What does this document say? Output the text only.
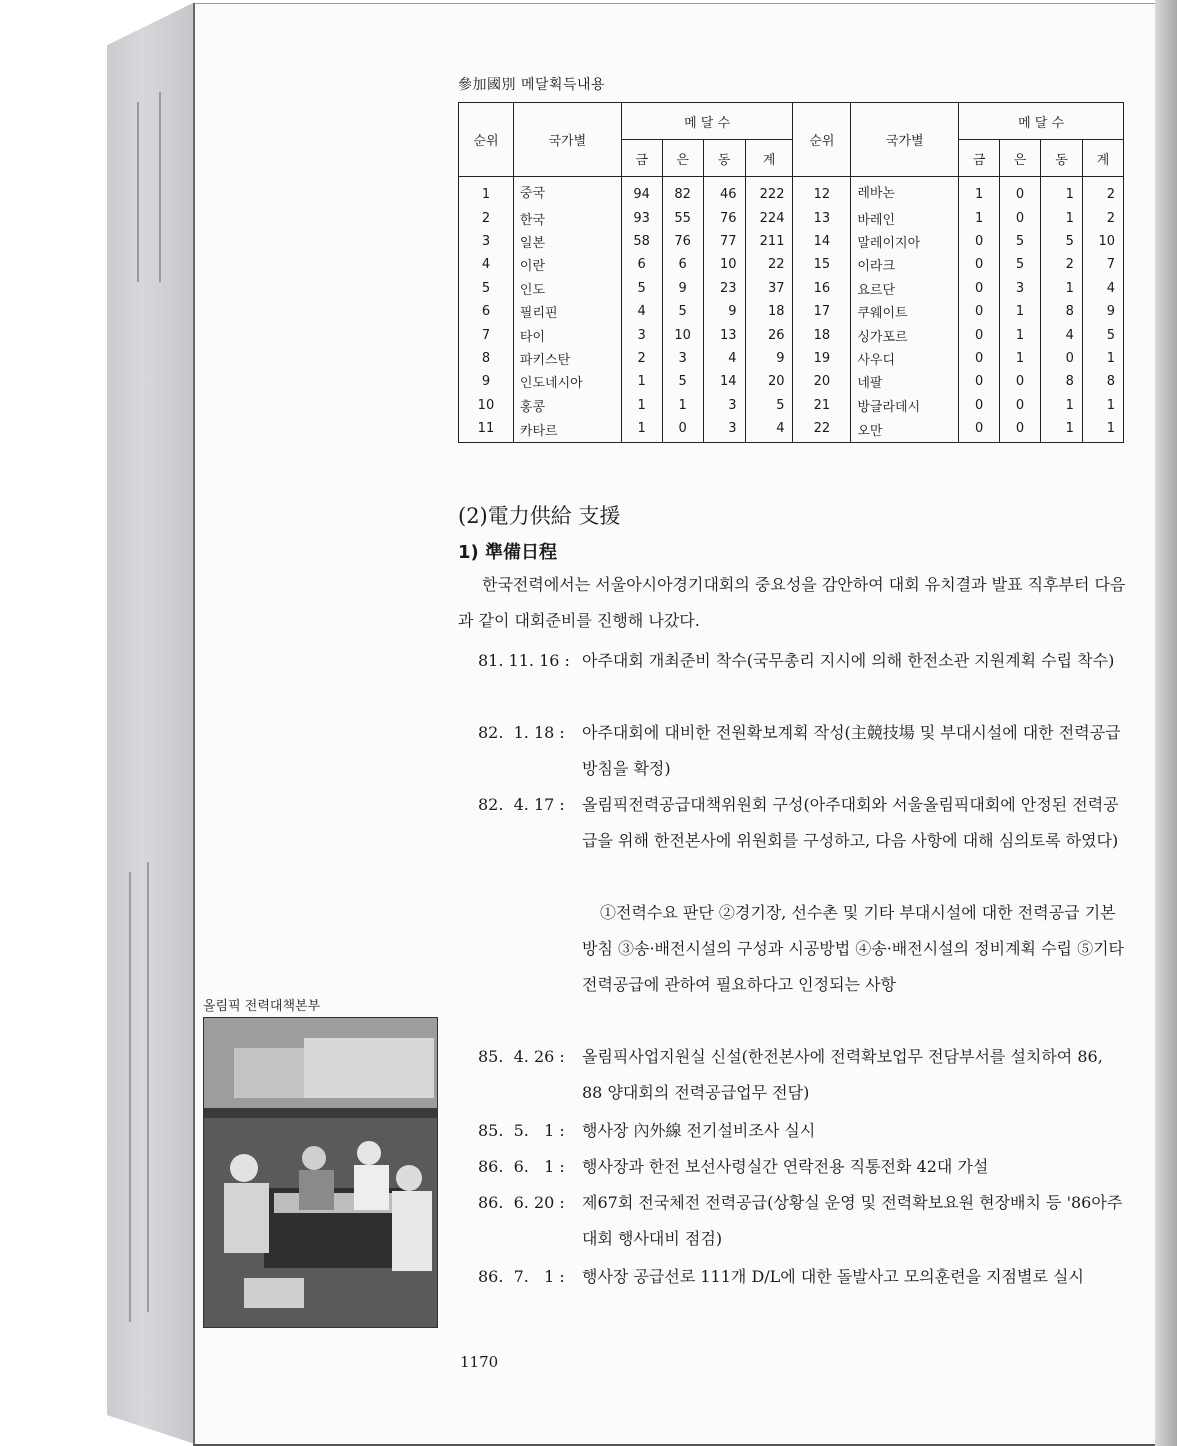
參加國別 메달획득내용
순위	국가별	메 달 수				순위	국가별	메 달 수			
		금	은	동	계			금	은	동	계
1	중국	94	82	46	222	12	레바논	1	0	1	2
2	한국	93	55	76	224	13	바레인	1	0	1	2
3	일본	58	76	77	211	14	말레이지아	0	5	5	10
4	이란	6	6	10	22	15	이라크	0	5	2	7
5	인도	5	9	23	37	16	요르단	0	3	1	4
6	필리핀	4	5	9	18	17	쿠웨이트	0	1	8	9
7	타이	3	10	13	26	18	싱가포르	0	1	4	5
8	파키스탄	2	3	4	9	19	사우디	0	1	0	1
9	인도네시아	1	5	14	20	20	네팔	0	0	8	8
10	홍콩	1	1	3	5	21	방글라데시	0	0	1	1
11	카타르	1	0	3	4	22	오만	0	0	1	1
(2)電力供給 支援
1) 準備日程
한국전력에서는 서울아시아경기대회의 중요성을 감안하여 대회 유치결과 발표 직후부터 다음과 같이 대회준비를 진행해 나갔다.
81. 11. 16 : 아주대회 개최준비 착수(국무총리 지시에 의해 한전소관 지원계획 수립 착수)
82.  1. 18 :	아주대회에 대비한 전원확보계획 작성(主競技場 및 부대시설에 대한 전력공급방침을 확정)
82.  4. 17 :	올림픽전력공급대책위원회 구성(아주대회와 서울올림픽대회에 안정된 전력공급을 위해 한전본사에 위원회를 구성하고, 다음 사항에 대해 심의토록 하였다)
85.  4. 26 :	올림픽사업지원실 신설(한전본사에 전력확보업무 전담부서를 설치하여 86, 88 양대회의 전력공급업무 전담)
85.  5.   1 :	행사장 內外線 전기설비조사 실시
86.  6.   1 :	행사장과 한전 보선사령실간 연락전용 직통전화 42대 가설
86.  6. 20 :	제67회 전국체전 전력공급(상황실 운영 및 전력확보요원 현장배치 등 '86아주대회 행사대비 점검)
86.  7.   1 :	행사장 공급선로 111개 D/L에 대한 돌발사고 모의훈련을 지점별로 실시
①전력수요 판단 ②경기장, 선수촌 및 기타 부대시설에 대한 전력공급 기본방침 ③송·배전시설의 구성과 시공방법 ④송·배전시설의 정비계획 수립 ⑤기타 전력공급에 관하여 필요하다고 인정되는 사항
올림픽 전력대책본부
1170
